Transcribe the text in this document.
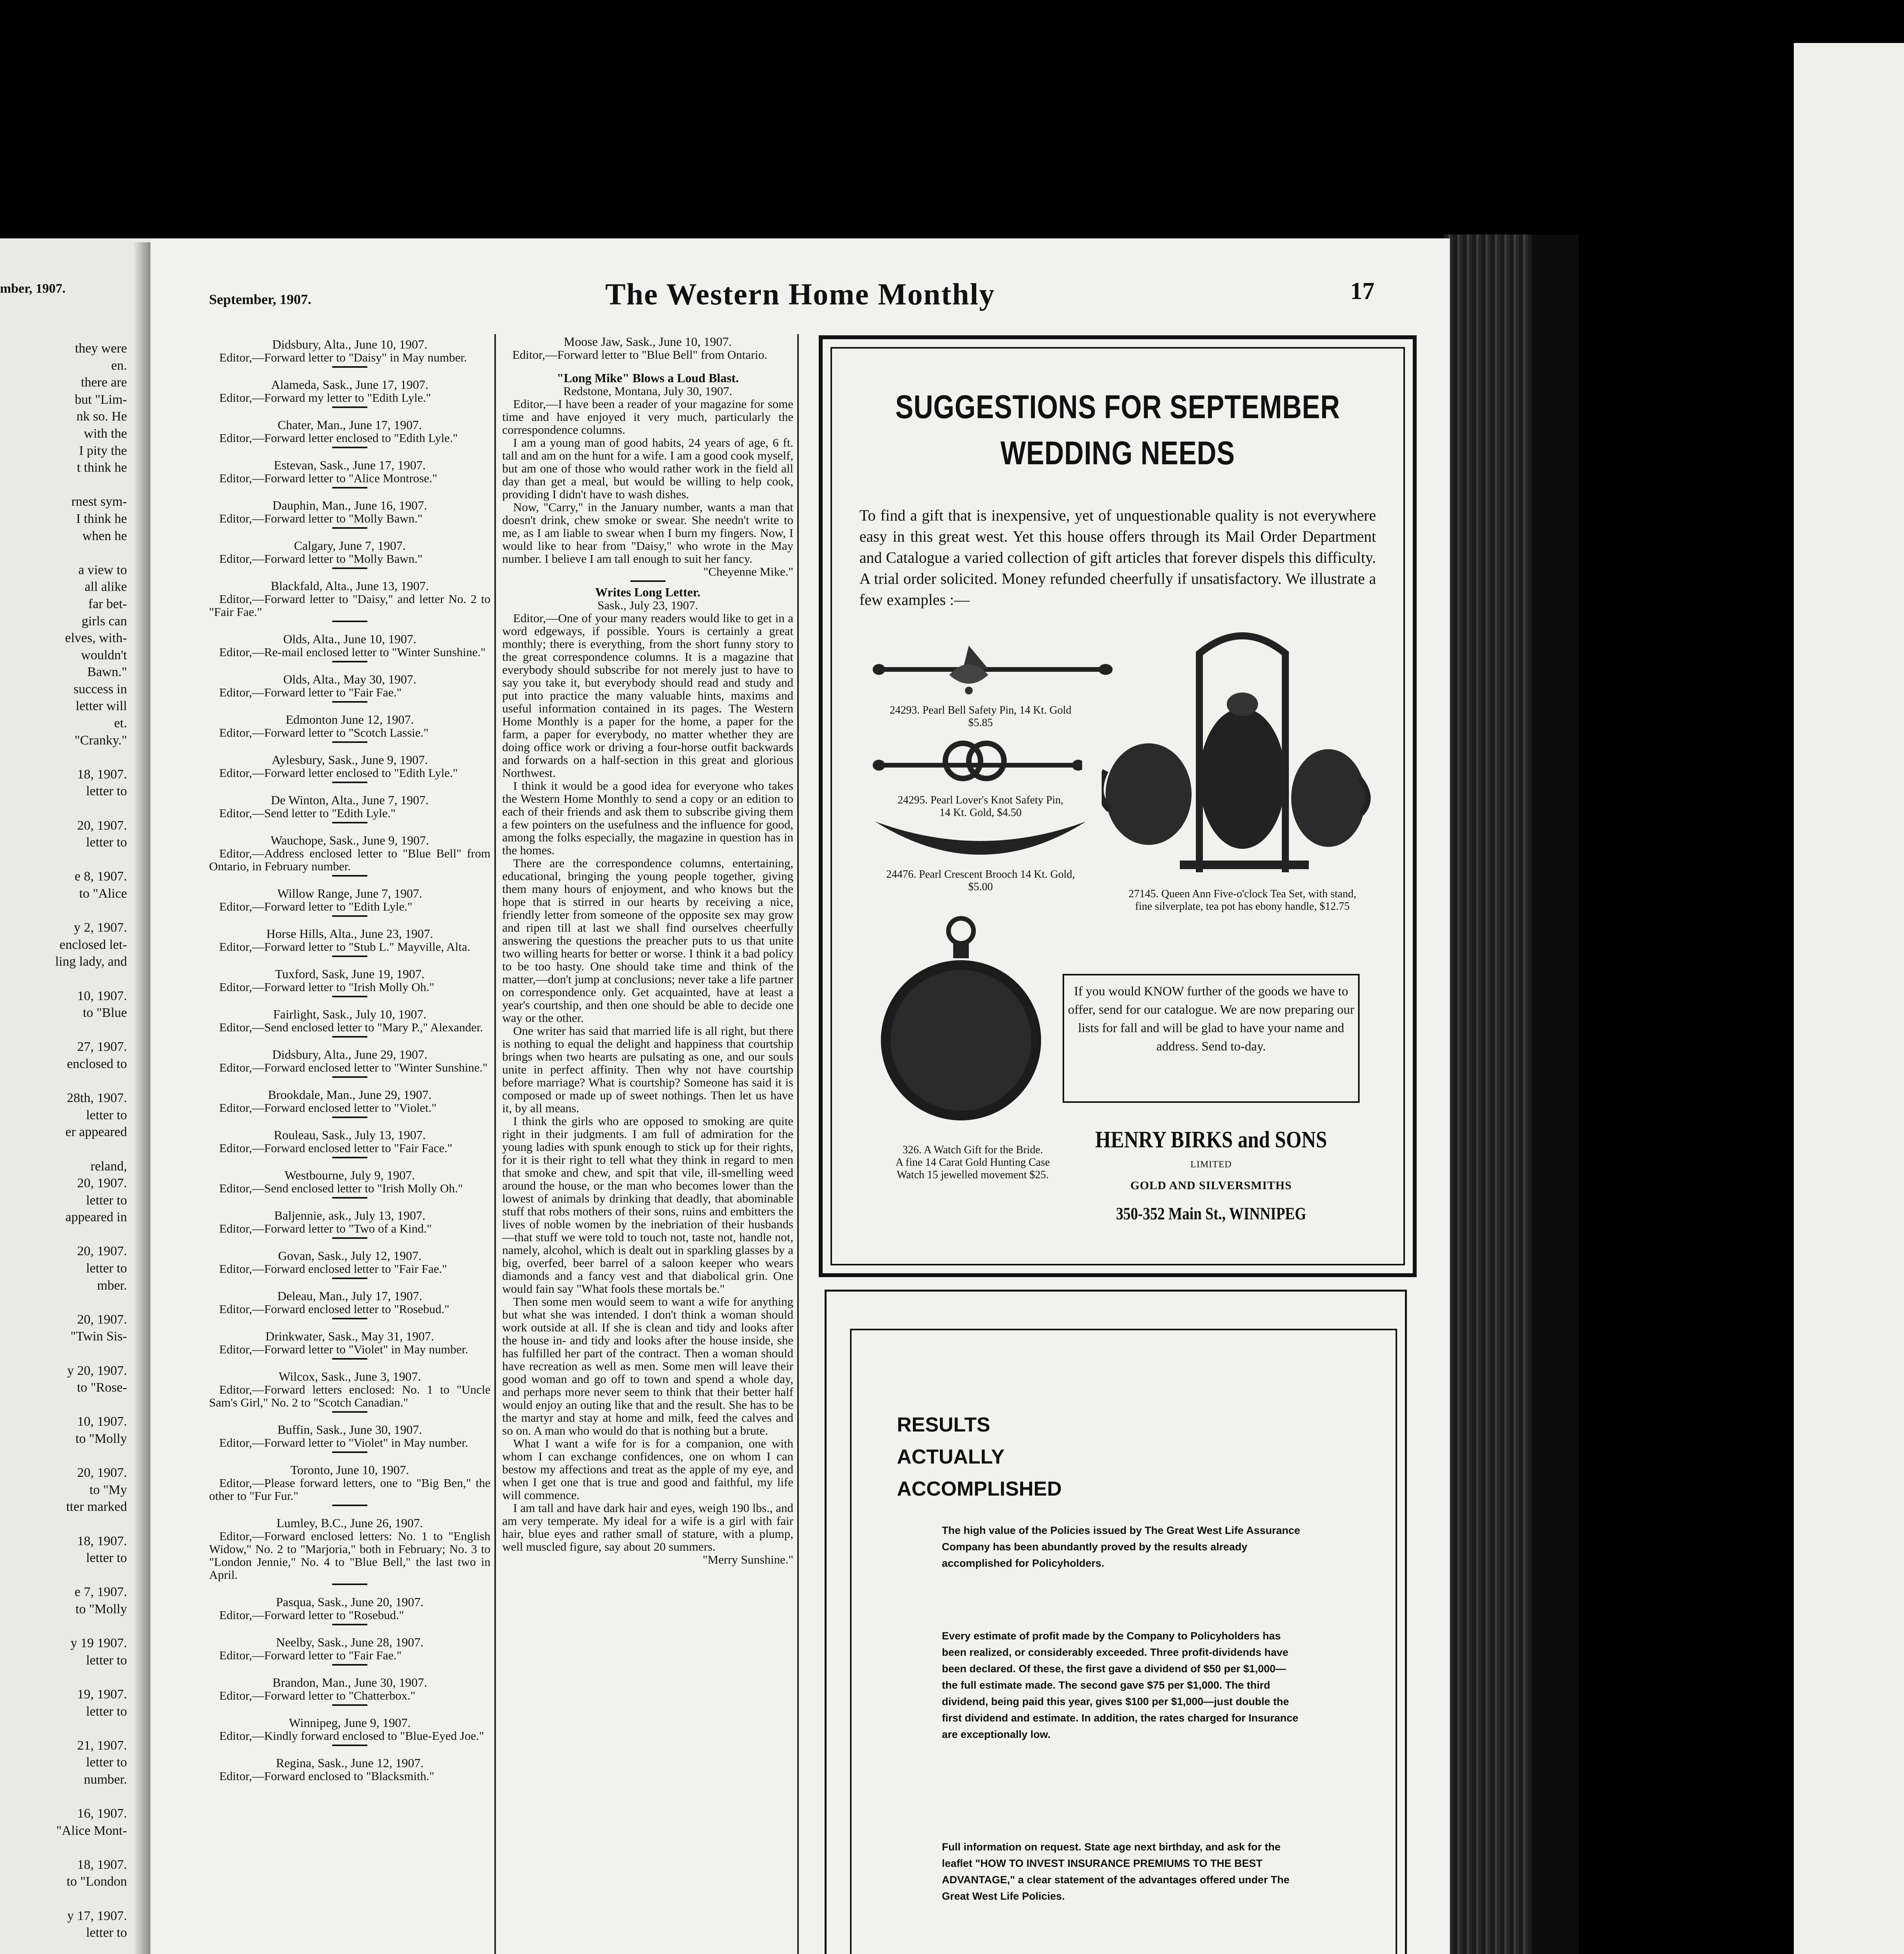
mber, 1907.
they were
en.
there are
but "Lim-
nk so. He
with the
I pity the
t think he
rnest sym-
I think he
when he
a view to
all alike
far bet-
girls can
elves, with-
wouldn't
Bawn."
success in
letter will
et.
"Cranky."
18, 1907.
letter to
20, 1907.
letter to
e 8, 1907.
to "Alice
y 2, 1907.
enclosed let-
ling lady, and
10, 1907.
to "Blue
27, 1907.
enclosed to
28th, 1907.
letter to
er appeared
reland,
20, 1907.
letter to
appeared in
20, 1907.
letter to
mber.
20, 1907.
"Twin Sis-
y 20, 1907.
to "Rose-
10, 1907.
to "Molly
20, 1907.
to "My
tter marked
18, 1907.
letter to
e 7, 1907.
to "Molly
y 19 1907.
letter to
19, 1907.
letter to
21, 1907.
letter to
number.
16, 1907.
"Alice Mont-
18, 1907.
to "London
y 17, 1907.
letter to
September, 1907.	The Western Home Monthly	17

Didsbury, Alta., June 10, 1907.

Editor,—Forward letter to "Daisy" in May number.

Alameda, Sask., June 17, 1907.

Editor,—Forward my letter to "Edith Lyle."

Chater, Man., June 17, 1907.

Editor,—Forward letter enclosed to "Edith Lyle."

Estevan, Sask., June 17, 1907.

Editor,—Forward letter to "Alice Montrose."

Dauphin, Man., June 16, 1907.

Editor,—Forward letter to "Molly Bawn."

Calgary, June 7, 1907.

Editor,—Forward letter to "Molly Bawn."

Blackfald, Alta., June 13, 1907.

Editor,—Forward letter to "Daisy," and letter No. 2 to "Fair Fae."

Olds, Alta., June 10, 1907.

Editor,—Re-mail enclosed letter to "Winter Sunshine."

Olds, Alta., May 30, 1907.

Editor,—Forward letter to "Fair Fae."

Edmonton June 12, 1907.

Editor,—Forward letter to "Scotch Lassie."

Aylesbury, Sask., June 9, 1907.

Editor,—Forward letter enclosed to "Edith Lyle."

De Winton, Alta., June 7, 1907.

Editor,—Send letter to "Edith Lyle."

Wauchope, Sask., June 9, 1907.

Editor,—Address enclosed letter to "Blue Bell" from Ontario, in February number.

Willow Range, June 7, 1907.

Editor,—Forward letter to "Edith Lyle."

Horse Hills, Alta., June 23, 1907.

Editor,—Forward letter to "Stub L." Mayville, Alta.

Tuxford, Sask, June 19, 1907.

Editor,—Forward letter to "Irish Molly Oh."

Fairlight, Sask., July 10, 1907.

Editor,—Send enclosed letter to "Mary P.," Alexander.

Didsbury, Alta., June 29, 1907.

Editor,—Forward enclosed letter to "Winter Sunshine."

Brookdale, Man., June 29, 1907.

Editor,—Forward enclosed letter to "Violet."

Rouleau, Sask., July 13, 1907.

Editor,—Forward enclosed letter to "Fair Face."

Westbourne, July 9, 1907.

Editor,—Send enclosed letter to "Irish Molly Oh."

Baljennie, ask., July 13, 1907.

Editor,—Forward letter to "Two of a Kind."

Govan, Sask., July 12, 1907.

Editor,—Forward enclosed letter to "Fair Fae."

Deleau, Man., July 17, 1907.

Editor,—Forward enclosed letter to "Rosebud."

Drinkwater, Sask., May 31, 1907.

Editor,—Forward letter to "Violet" in May number.

Wilcox, Sask., June 3, 1907.

Editor,—Forward letters enclosed: No. 1 to "Uncle Sam's Girl," No. 2 to "Scotch Canadian."

Buffin, Sask., June 30, 1907.

Editor,—Forward letter to "Violet" in May number.

Toronto, June 10, 1907.

Editor,—Please forward letters, one to "Big Ben," the other to "Fur Fur."

Lumley, B.C., June 26, 1907.

Editor,—Forward enclosed letters: No. 1 to "English Widow," No. 2 to "Marjoria," both in February; No. 3 to "London Jennie," No. 4 to "Blue Bell," the last two in April.

Pasqua, Sask., June 20, 1907.

Editor,—Forward letter to "Rosebud."

Neelby, Sask., June 28, 1907.

Editor,—Forward letter to "Fair Fae."

Brandon, Man., June 30, 1907.

Editor,—Forward letter to "Chatterbox."

Winnipeg, June 9, 1907.

Editor,—Kindly forward enclosed to "Blue-Eyed Joe."

Regina, Sask., June 12, 1907.

Editor,—Forward enclosed to "Blacksmith."

Moose Jaw, Sask., June 10, 1907.

Editor,—Forward letter to "Blue Bell" from Ontario.

"Long Mike" Blows a Loud Blast.

Redstone, Montana, July 30, 1907.

Editor,—I have been a reader of your magazine for some time and have enjoyed it very much, particularly the correspondence columns.

I am a young man of good habits, 24 years of age, 6 ft. tall and am on the hunt for a wife. I am a good cook myself, but am one of those who would rather work in the field all day than get a meal, but would be willing to help cook, providing I didn't have to wash dishes.

Now, "Carry," in the January number, wants a man that doesn't drink, chew smoke or swear. She needn't write to me, as I am liable to swear when I burn my fingers. Now, I would like to hear from "Daisy," who wrote in the May number. I believe I am tall enough to suit her fancy.

"Cheyenne Mike."

Writes Long Letter.

Sask., July 23, 1907.

Editor,—One of your many readers would like to get in a word edgeways, if possible. Yours is certainly a great monthly; there is everything, from the short funny story to the great correspondence columns. It is a magazine that everybody should subscribe for not merely just to have to say you take it, but everybody should read and study and put into practice the many valuable hints, maxims and useful information contained in its pages. The Western Home Monthly is a paper for the home, a paper for the farm, a paper for everybody, no matter whether they are doing office work or driving a four-horse outfit backwards and forwards on a half-section in this great and glorious Northwest.

I think it would be a good idea for everyone who takes the Western Home Monthly to send a copy or an edition to each of their friends and ask them to subscribe giving them a few pointers on the usefulness and the influence for good, among the folks especially, the magazine in question has in the homes.

There are the correspondence columns, entertaining, educational, bringing the young people together, giving them many hours of enjoyment, and who knows but the hope that is stirred in our hearts by receiving a nice, friendly letter from someone of the opposite sex may grow and ripen till at last we shall find ourselves cheerfully answering the questions the preacher puts to us that unite two willing hearts for better or worse. I think it a bad policy to be too hasty. One should take time and think of the matter,—don't jump at conclusions; never take a life partner on correspondence only. Get acquainted, have at least a year's courtship, and then one should be able to decide one way or the other.

One writer has said that married life is all right, but there is nothing to equal the delight and happiness that courtship brings when two hearts are pulsating as one, and our souls unite in perfect affinity. Then why not have courtship before marriage? What is courtship? Someone has said it is composed or made up of sweet nothings. Then let us have it, by all means.

I think the girls who are opposed to smoking are quite right in their judgments. I am full of admiration for the young ladies with spunk enough to stick up for their rights, for it is their right to tell what they think in regard to men that smoke and chew, and spit that vile, ill-smelling weed around the house, or the man who becomes lower than the lowest of animals by drinking that deadly, that abominable stuff that robs mothers of their sons, ruins and embitters the lives of noble women by the inebriation of their husbands—that stuff we were told to touch not, taste not, handle not, namely, alcohol, which is dealt out in sparkling glasses by a big, overfed, beer barrel of a saloon keeper who wears diamonds and a fancy vest and that diabolical grin. One would fain say "What fools these mortals be."

Then some men would seem to want a wife for anything but what she was intended. I don't think a woman should work outside at all. If she is clean and tidy and looks after the house in- and tidy and looks after the house inside, she has fulfilled her part of the contract. Then a woman should have recreation as well as men. Some men will leave their good woman and go off to town and spend a whole day, and perhaps more never seem to think that their better half would enjoy an outing like that and the result. She has to be the martyr and stay at home and milk, feed the calves and so on. A man who would do that is nothing but a brute.

What I want a wife for is for a companion, one with whom I can exchange confidences, one on whom I can bestow my affections and treat as the apple of my eye, and when I get one that is true and good and faithful, my life will commence.

I am tall and have dark hair and eyes, weigh 190 lbs., and am very temperate. My ideal for a wife is a girl with fair hair, blue eyes and rather small of stature, with a plump, well muscled figure, say about 20 summers.

"Merry Sunshine."

SUGGESTIONS FOR SEPTEMBER
WEDDING NEEDS
To find a gift that is inexpensive, yet of unquestionable quality is not everywhere easy in this great west. Yet this house offers through its Mail Order Department and Catalogue a varied collection of gift articles that forever dispels this difficulty. A trial order solicited. Money refunded cheerfully if unsatisfactory. We illustrate a few examples :—
24293. Pearl Bell Safety Pin, 14 Kt. Gold
$5.85
24295. Pearl Lover's Knot Safety Pin,
14 Kt. Gold, $4.50
24476. Pearl Crescent Brooch 14 Kt. Gold,
$5.00
27145. Queen Ann Five-o'clock Tea Set, with stand,
fine silverplate, tea pot has ebony handle, $12.75
326. A Watch Gift for the Bride.
A fine 14 Carat Gold Hunting Case
Watch 15 jewelled movement $25.
If you would KNOW further of the goods we have to offer, send for our catalogue. We are now preparing our lists for fall and will be glad to have your name and address. Send to-day.
HENRY BIRKS and SONS
LIMITED
GOLD AND SILVERSMITHS
350-352 Main St., WINNIPEG
RESULTS
ACTUALLY
ACCOMPLISHED
The high value of the Policies issued by The Great West Life Assurance Company has been abundantly proved by the results already accomplished for Policyholders.
Every estimate of profit made by the Company to Policyholders has been realized, or considerably exceeded. Three profit-dividends have been declared. Of these, the first gave a dividend of $50 per $1,000—the full estimate made. The second gave $75 per $1,000. The third dividend, being paid this year, gives $100 per $1,000—just double the first dividend and estimate. In addition, the rates charged for Insurance are exceptionally low.
Full information on request. State age next birthday, and ask for the leaflet "HOW TO INVEST INSURANCE PREMIUMS TO THE BEST ADVANTAGE," a clear statement of the advantages offered under The Great West Life Policies.
